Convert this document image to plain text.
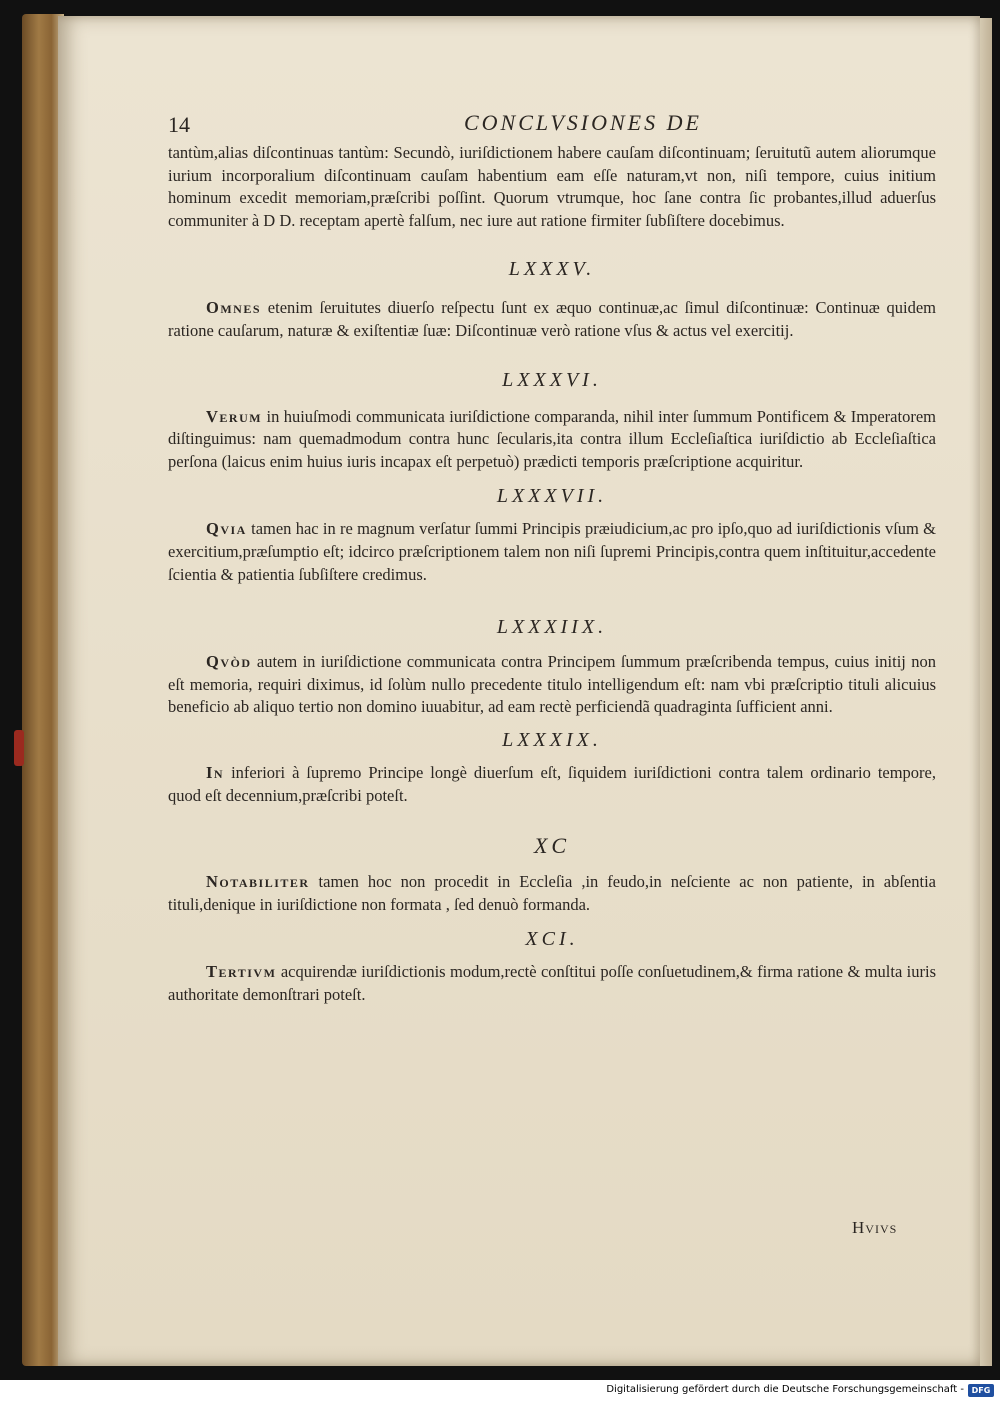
14	CONCLVSIONES DE

tantùm,alias diſcontinuas tantùm: Secundò, iuriſdictionem habere cauſam diſcontinuam; ſeruitutũ autem aliorumque iurium incorporalium diſcontinuam cauſam habentium eam eſſe naturam,vt non, niſi tempore, cuius initium hominum excedit memoriam,præſcribi poſſint. Quorum vtrumque, hoc ſane contra ſic probantes,illud aduerſus communiter à D D. receptam apertè falſum, nec iure aut ratione firmiter ſubſiſtere docebimus.

LXXXV.

Omnes etenim ſeruitutes diuerſo reſpectu ſunt ex æquo continuæ,ac ſimul diſcontinuæ: Continuæ quidem ratione cauſarum, naturæ & exiſtentiæ ſuæ: Diſcontinuæ verò ratione vſus & actus vel exercitij.

LXXXVI.

Verum in huiuſmodi communicata iuriſdictione comparanda, nihil inter ſummum Pontificem & Imperatorem diſtinguimus: nam quemadmodum contra hunc ſecularis,ita contra illum Eccleſiaſtica iuriſdictio ab Eccleſiaſtica perſona (laicus enim huius iuris incapax eſt perpetuò) prædicti temporis præſcriptione acquiritur.

LXXXVII.

Qvia tamen hac in re magnum verſatur ſummi Principis præiudicium,ac pro ipſo,quo ad iuriſdictionis vſum & exercitium,præſumptio eſt; idcirco præſcriptionem talem non niſi ſupremi Principis,contra quem inſtituitur,accedente ſcientia & patientia ſubſiſtere credimus.

LXXXIIX.

Qvòd autem in iuriſdictione communicata contra Principem ſummum præſcribenda tempus, cuius initij non eſt memoria, requiri diximus, id ſolùm nullo precedente titulo intelligendum eſt: nam vbi præſcriptio tituli alicuius beneficio ab aliquo tertio non domino iuuabitur, ad eam rectè perficiendã quadraginta ſufficient anni.

LXXXIX.

In inferiori à ſupremo Principe longè diuerſum eſt, ſiquidem iuriſdictioni contra talem ordinario tempore, quod eſt decennium,præſcribi poteſt.

XC

Notabiliter tamen hoc non procedit in Eccleſia ,in feudo,in neſciente ac non patiente, in abſentia tituli,denique in iuriſdictione non formata , ſed denuò formanda.

XCI.

Tertivm acquirendæ iuriſdictionis modum,rectè conſtitui poſſe conſuetudinem,& firma ratione & multa iuris authoritate demonſtrari poteſt.

Hvivs
Digitalisierung gefördert durch die Deutsche Forschungsgemeinschaft - DFG
